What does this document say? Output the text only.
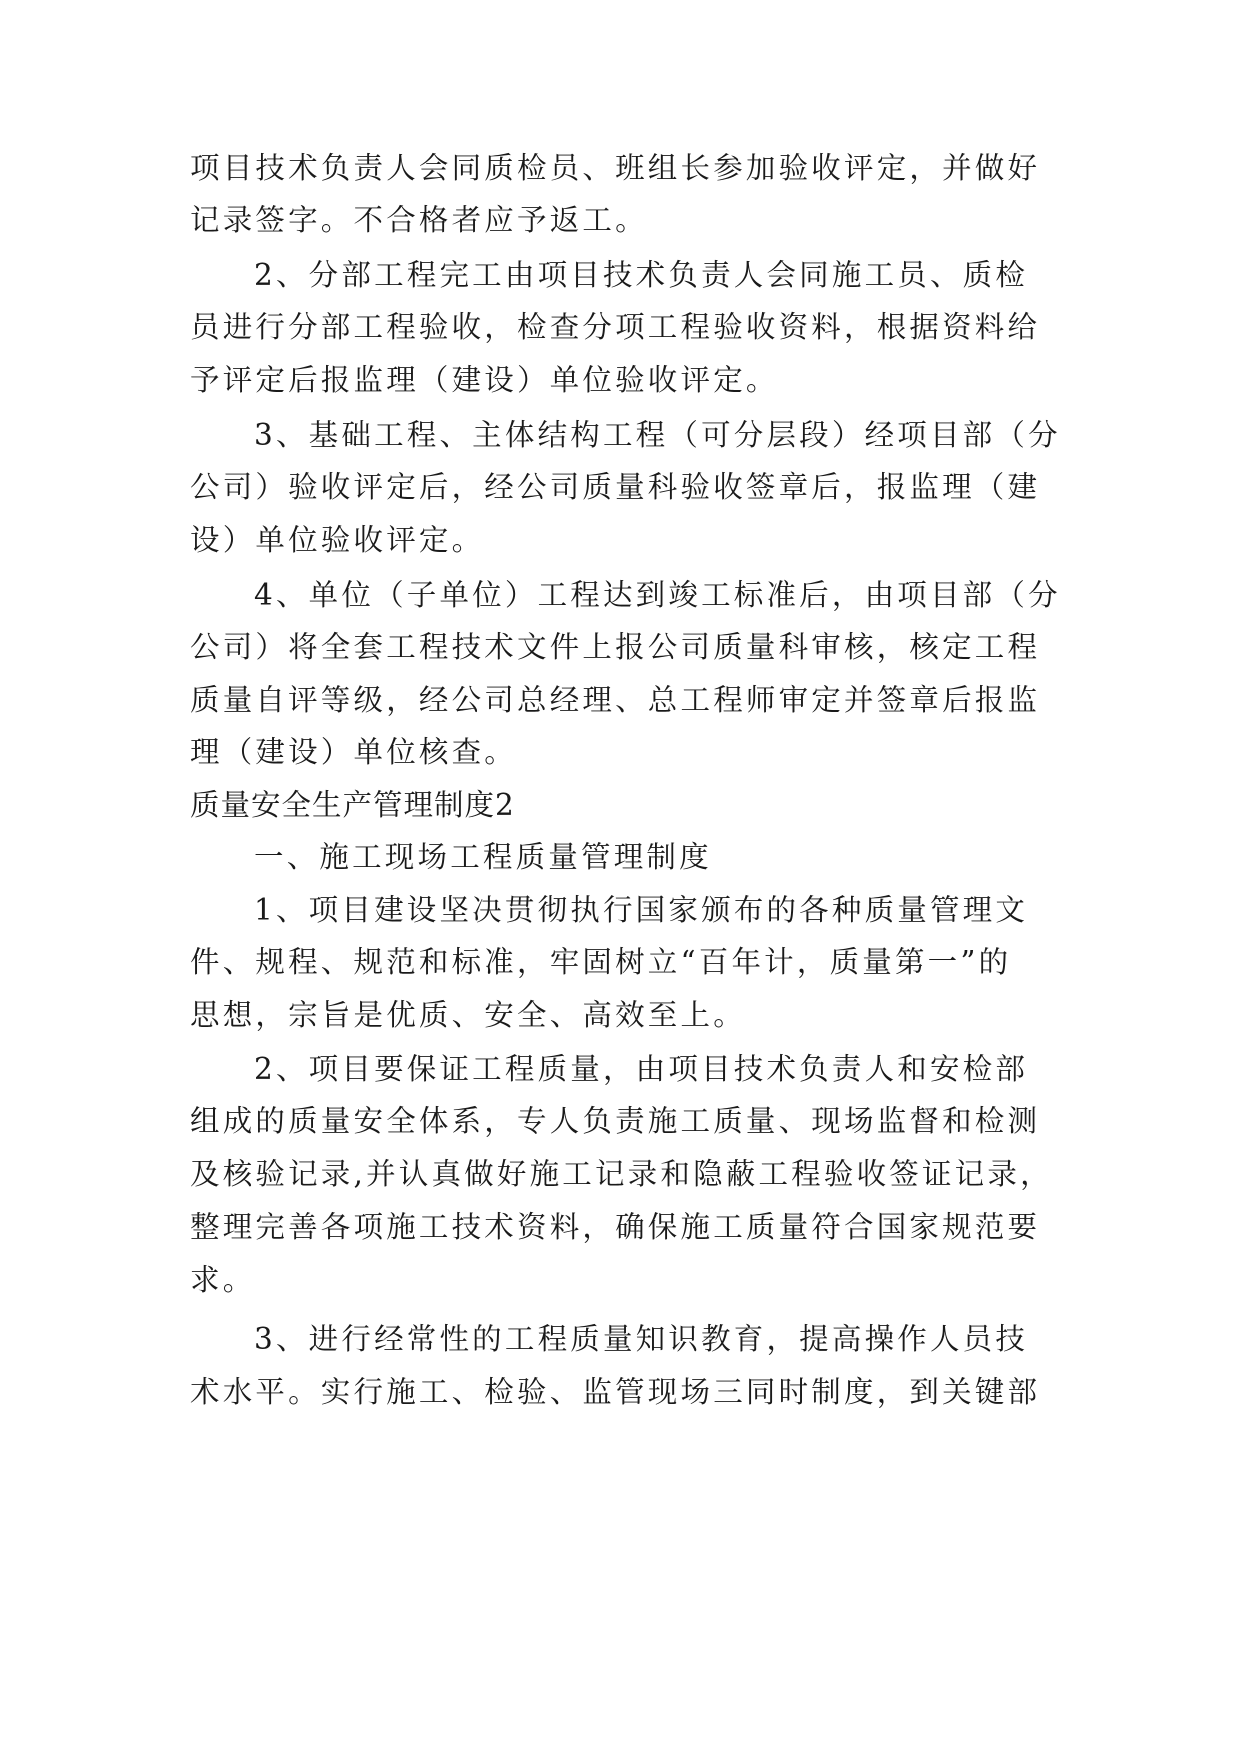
项目技术负责人会同质检员、班组长参加验收评定，并做好
记录签字。不合格者应予返工。
2、分部工程完工由项目技术负责人会同施工员、质检
员进行分部工程验收，检查分项工程验收资料，根据资料给
予评定后报监理（建设）单位验收评定。
3、基础工程、主体结构工程（可分层段）经项目部（分
公司）验收评定后，经公司质量科验收签章后，报监理（建
设）单位验收评定。
4、单位（子单位）工程达到竣工标准后，由项目部（分
公司）将全套工程技术文件上报公司质量科审核，核定工程
质量自评等级，经公司总经理、总工程师审定并签章后报监
理（建设）单位核查。
质量安全生产管理制度2
一、施工现场工程质量管理制度
1、项目建设坚决贯彻执行国家颁布的各种质量管理文
件、规程、规范和标准，牢固树立“百年计，质量第一”的
思想，宗旨是优质、安全、高效至上。
2、项目要保证工程质量，由项目技术负责人和安检部
组成的质量安全体系，专人负责施工质量、现场监督和检测
及核验记录,并认真做好施工记录和隐蔽工程验收签证记录，
整理完善各项施工技术资料，确保施工质量符合国家规范要
求。
3、进行经常性的工程质量知识教育，提高操作人员技
术水平。实行施工、检验、监管现场三同时制度，到关键部
